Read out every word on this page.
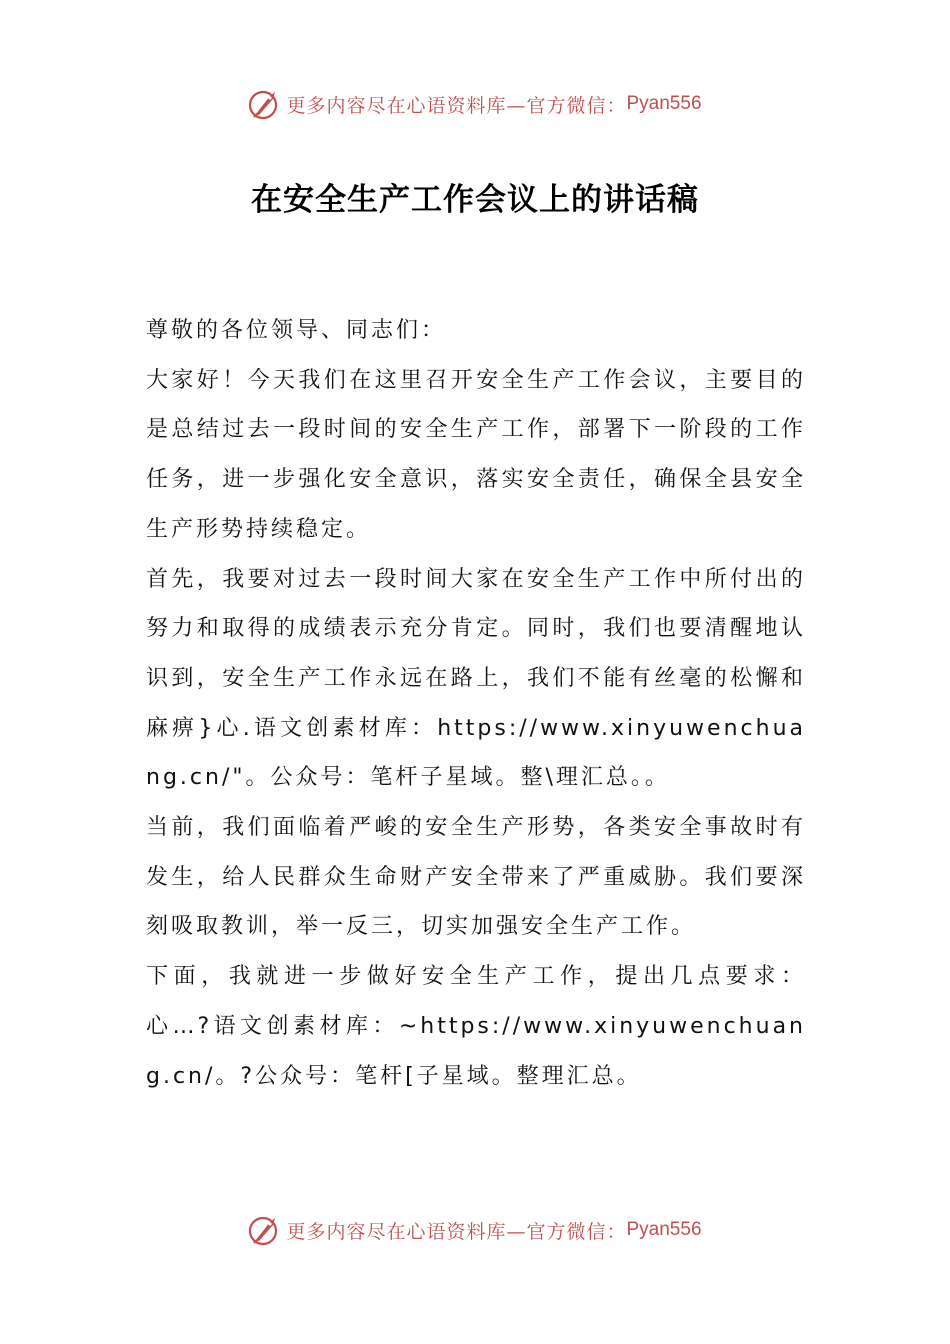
更多内容尽在心语资料库—官方微信： Pyan556
在安全生产工作会议上的讲话稿

尊敬的各位领导、同志们：

大家好！今天我们在这里召开安全生产工作会议，主要目的是总结过去一段时间的安全生产工作，部署下一阶段的工作任务，进一步强化安全意识，落实安全责任，确保全县安全生产形势持续稳定。

首先，我要对过去一段时间大家在安全生产工作中所付出的努力和取得的成绩表示充分肯定。同时，我们也要清醒地认识到，安全生产工作永远在路上，我们不能有丝毫的松懈和麻痹}心.语文创素材库：https://www.xinyuwenchuang.cn/"。公众号：笔杆子星域。整\理汇总。。

当前，我们面临着严峻的安全生产形势，各类安全事故时有发生，给人民群众生命财产安全带来了严重威胁。我们要深刻吸取教训，举一反三，切实加强安全生产工作。

下面，我就进一步做好安全生产工作，提出几点要求：心…?语文创素材库：~https://www.xinyuwenchuang.cn/。?公众号：笔杆[子星域。整理汇总。

更多内容尽在心语资料库—官方微信： Pyan556
